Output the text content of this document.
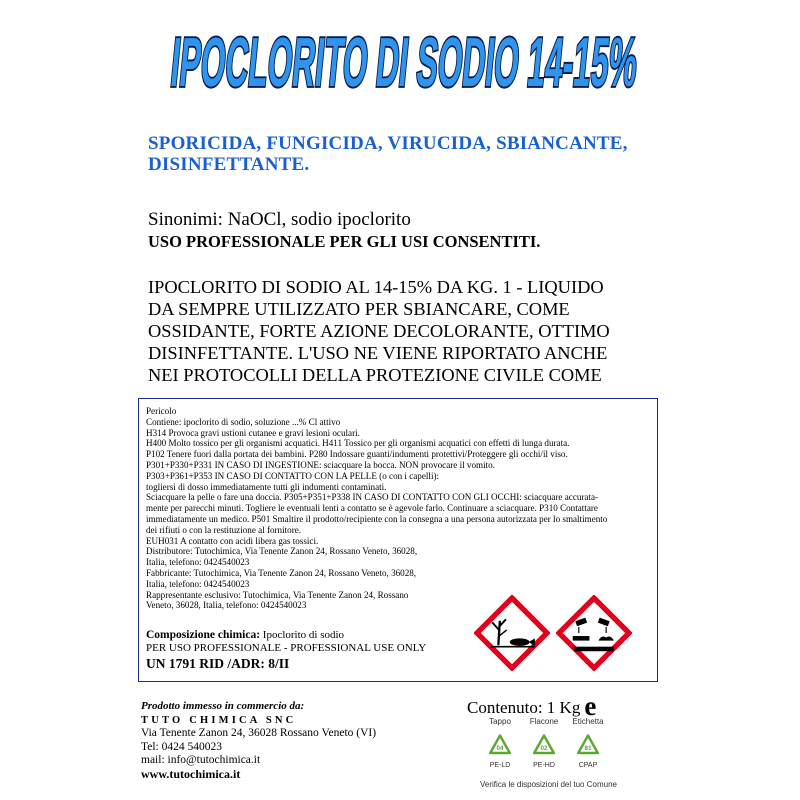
IPOCLORITO DI SODIO 14-15%
SPORICIDA, FUNGICIDA, VIRUCIDA, SBIANCANTE,
DISINFETTANTE.
Sinonimi: NaOCl, sodio ipoclorito
USO PROFESSIONALE PER GLI USI CONSENTITI.
IPOCLORITO DI SODIO AL 14-15% DA KG. 1 - LIQUIDO
DA SEMPRE UTILIZZATO PER SBIANCARE, COME
OSSIDANTE, FORTE AZIONE DECOLORANTE, OTTIMO
DISINFETTANTE. L'USO NE VIENE RIPORTATO ANCHE
NEI PROTOCOLLI DELLA PROTEZIONE CIVILE COME
Pericolo
Contiene: ipoclorito di sodio, soluzione ...% Cl attivo
H314 Provoca gravi ustioni cutanee e gravi lesioni oculari.
H400 Molto tossico per gli organismi acquatici. H411 Tossico per gli organismi acquatici con effetti di lunga durata.
P102 Tenere fuori dalla portata dei bambini. P280 Indossare guanti/indumenti protettivi/Proteggere gli occhi/il viso.
P301+P330+P331 IN CASO DI INGESTIONE: sciacquare la bocca. NON provocare il vomito.
P303+P361+P353 IN CASO DI CONTATTO CON LA PELLE (o con i capelli):
togliersi di dosso immediatamente tutti gli indumenti contaminati.
Sciacquare la pelle o fare una doccia. P305+P351+P338 IN CASO DI CONTATTO CON GLI OCCHI: sciacquare accurata-
mente per parecchi minuti. Togliere le eventuali lenti a contatto se è agevole farlo. Continuare a sciacquare. P310 Contattare
immediatamente un medico. P501 Smaltire il prodotto/recipiente con la consegna a una persona autorizzata per lo smaltimento
dei rifiuti o con la restituzione al fornitore.
EUH031 A contatto con acidi libera gas tossici.
Distributore: Tutochimica, Via Tenente Zanon 24, Rossano Veneto, 36028,
Italia, telefono: 0424540023
Fabbricante: Tutochimica, Via Tenente Zanon 24, Rossano Veneto, 36028,
Italia, telefono: 0424540023
Rappresentante esclusivo: Tutochimica, Via Tenente Zanon 24, Rossano
Veneto, 36028, Italia, telefono: 0424540023
Composizione chimica: Ipoclorito di sodio
PER USO PROFESSIONALE - PROFESSIONAL USE ONLY
UN 1791 RID /ADR: 8/II
Contenuto: 1 Kg e
Tappo	Flacone	Etichetta
04	02	81
PE-LD	PE-HD	CPAP
Verifica le disposizioni del tuo Comune
Prodotto immesso in commercio da:
TUTO CHIMICA SNC
Via Tenente Zanon 24, 36028 Rossano Veneto (VI)
Tel: 0424 540023
mail: info@tutochimica.it
www.tutochimica.it
